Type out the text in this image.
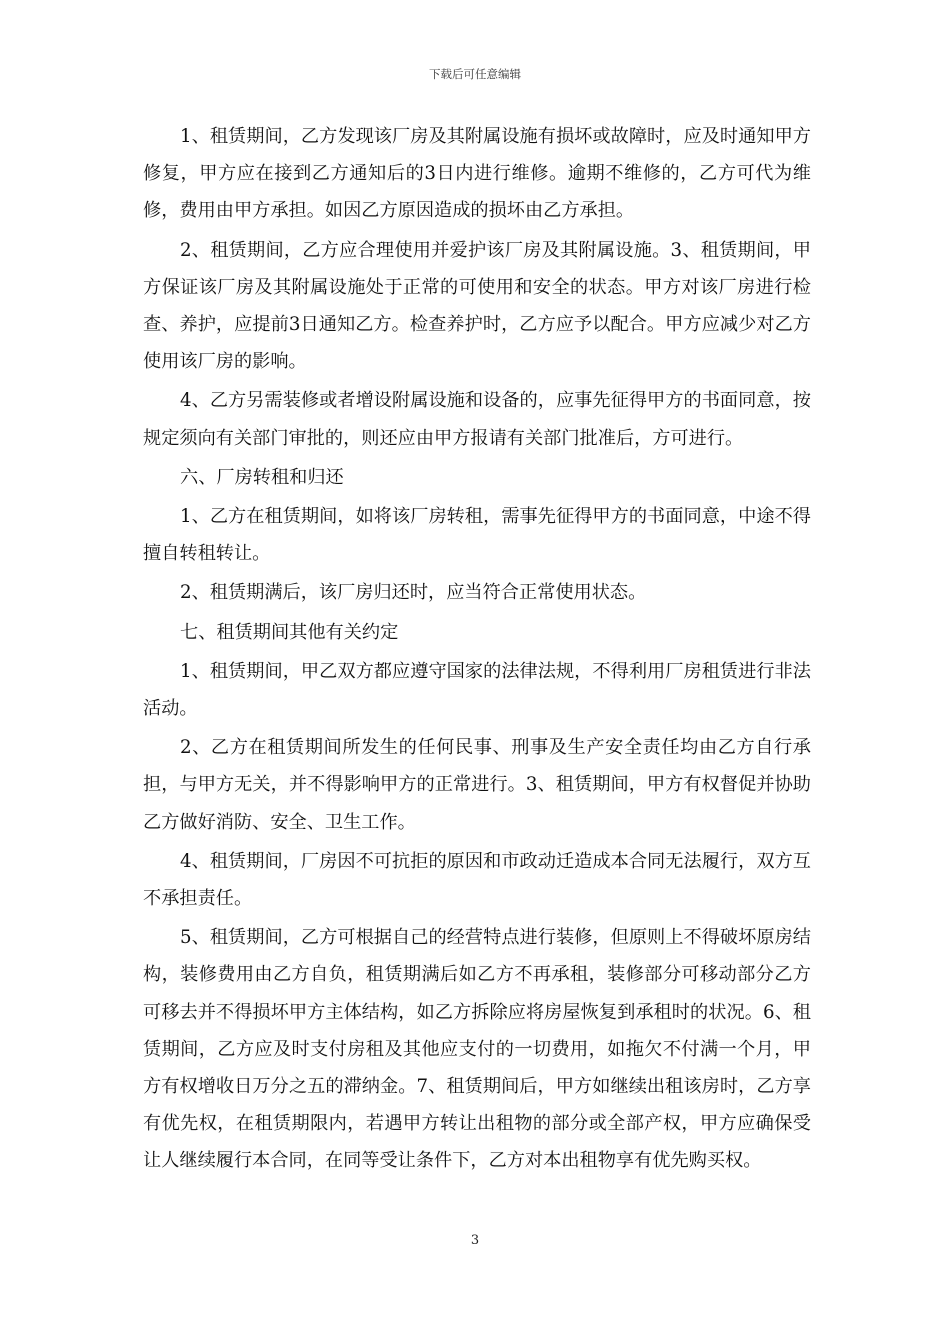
下载后可任意编辑

1、租赁期间，乙方发现该厂房及其附属设施有损坏或故障时，应及时通知甲方修复，甲方应在接到乙方通知后的3日内进行维修。逾期不维修的，乙方可代为维修，费用由甲方承担。如因乙方原因造成的损坏由乙方承担。

2、租赁期间，乙方应合理使用并爱护该厂房及其附属设施。3、租赁期间，甲方保证该厂房及其附属设施处于正常的可使用和安全的状态。甲方对该厂房进行检查、养护，应提前3日通知乙方。检查养护时，乙方应予以配合。甲方应减少对乙方使用该厂房的影响。

4、乙方另需装修或者增设附属设施和设备的，应事先征得甲方的书面同意，按规定须向有关部门审批的，则还应由甲方报请有关部门批准后，方可进行。

六、厂房转租和归还

1、乙方在租赁期间，如将该厂房转租，需事先征得甲方的书面同意，中途不得擅自转租转让。

2、租赁期满后，该厂房归还时，应当符合正常使用状态。

七、租赁期间其他有关约定

1、租赁期间，甲乙双方都应遵守国家的法律法规，不得利用厂房租赁进行非法活动。

2、乙方在租赁期间所发生的任何民事、刑事及生产安全责任均由乙方自行承担，与甲方无关，并不得影响甲方的正常进行。3、租赁期间，甲方有权督促并协助乙方做好消防、安全、卫生工作。

4、租赁期间，厂房因不可抗拒的原因和市政动迁造成本合同无法履行，双方互不承担责任。

5、租赁期间，乙方可根据自己的经营特点进行装修，但原则上不得破坏原房结构，装修费用由乙方自负，租赁期满后如乙方不再承租，装修部分可移动部分乙方可移去并不得损坏甲方主体结构，如乙方拆除应将房屋恢复到承租时的状况。6、租赁期间，乙方应及时支付房租及其他应支付的一切费用，如拖欠不付满一个月，甲方有权增收日万分之五的滞纳金。7、租赁期间后，甲方如继续出租该房时，乙方享有优先权，在租赁期限内，若遇甲方转让出租物的部分或全部产权，甲方应确保受让人继续履行本合同，在同等受让条件下，乙方对本出租物享有优先购买权。

3
